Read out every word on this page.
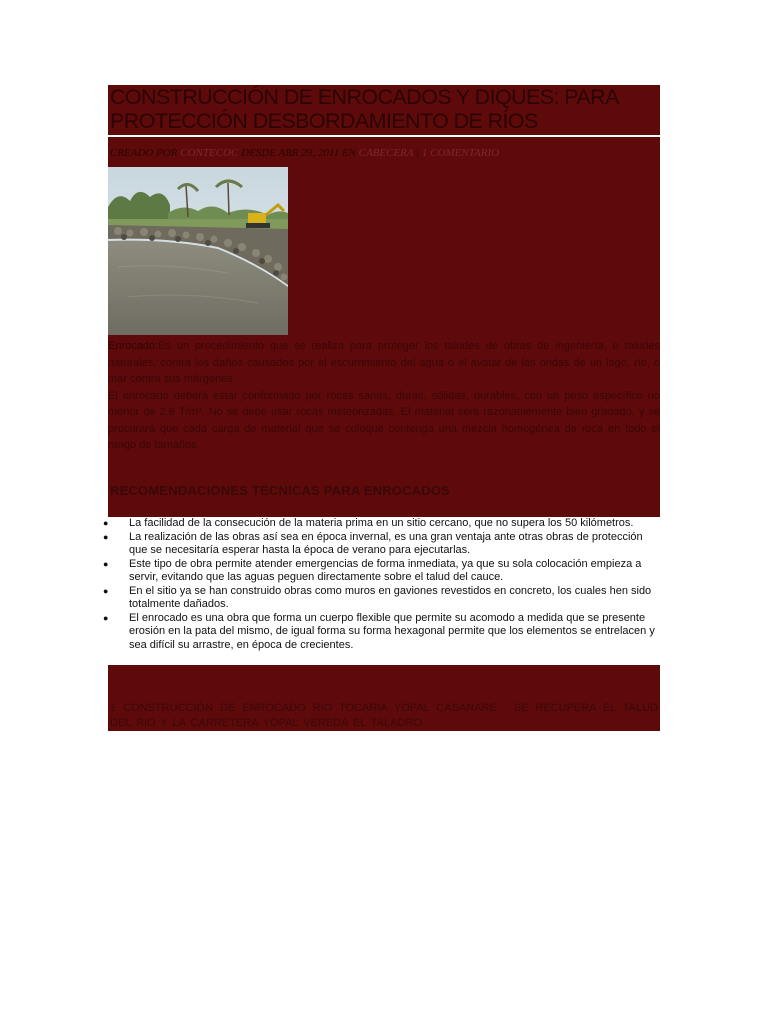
CONSTRUCCIÓN DE ENROCADOS Y DIQUES: PARA PROTECCIÓN DESBORDAMIENTO DE RÍOS
CREADO POR CONTECOC DESDE ABR 29, 2011 EN CABECERA | 1 COMENTARIO

Enrocado:Es un procedimiento que se realiza para proteger los taludes de obras de ingeniería, o taludes naturales, contra los daños causados por el escurrimiento del agua o el avatar de las ondas de un lago, río, o mar contra sus márgenes.

El enrocado deberá estar conformado por rocas sanas, duras, sólidas, durables, con un peso específico no menor de 2.6 T/m³. No se debe usar rocas meteorizadas. El material será razonablemente bien gradado, y se procurará que cada carga de material que se coloque contenga una mezcla homogénea de roca en todo el rango de tamaños.

RECOMENDACIONES TECNICAS PARA ENROCADOS
● La facilidad de la consecución de la materia prima en un sitio cercano, que no supera los 50 kilómetros.
● La realización de las obras así sea en época invernal, es una gran ventaja ante otras obras de protección que se necesitaría esperar hasta la época de verano para ejecutarlas.
● Este tipo de obra permite atender emergencias de forma inmediata, ya que su sola colocación empieza a servir, evitando que las aguas peguen directamente sobre el talud del cauce.
● En el sitio ya se han construido obras como muros en gaviones revestidos en concreto, los cuales hen sido totalmente dañados.
● El enrocado es una obra que forma un cuerpo flexible que permite su acomodo a medida que se presente erosión en la pata del mismo, de igual forma su forma hexagonal permite que los elementos se entrelacen y sea difícil su arrastre, en época de crecientes.
1 CONSTRUCCIÓN DE ENROCADO RIO TOCARIA YOPAL CASANARE . SE RECUPERA EL TALUD DEL RIO Y LA CARRETERA YOPAL VEREDA EL TALADRO
